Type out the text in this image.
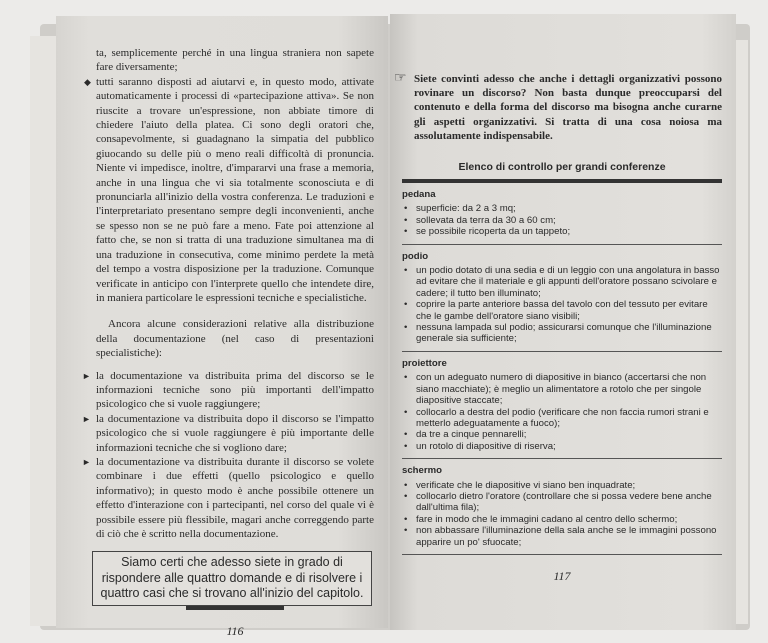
ta, semplicemente perché in una lingua straniera non sapete fare diversamente;

◆ tutti saranno disposti ad aiutarvi e, in questo modo, attivate automaticamente i processi di «partecipazione attiva». Se non riuscite a trovare un'espressione, non abbiate timore di chiedere l'aiuto della platea. Ci sono degli oratori che, consapevolmente, si guadagnano la simpatia del pubblico giuocando su delle più o meno reali difficoltà di pronuncia. Niente vi impedisce, inoltre, d'impararvi una frase a memoria, anche in una lingua che vi sia totalmente sconosciuta e di pronunciarla all'inizio della vostra conferenza. Le traduzioni e l'interpretariato presentano sempre degli inconvenienti, anche se spesso non se ne può fare a meno. Fate poi attenzione al fatto che, se non si tratta di una traduzione simultanea ma di una traduzione in consecutiva, come minimo perdete la metà del tempo a vostra disposizione per la traduzione. Comunque verificate in anticipo con l'interprete quello che intendete dire, in maniera particolare le espressioni tecniche e specialistiche.

Ancora alcune considerazioni relative alla distribuzione della documentazione (nel caso di presentazioni specialistiche):

► la documentazione va distribuita prima del discorso se le informazioni tecniche sono più importanti dell'impatto psicologico che si vuole raggiungere;

► la documentazione va distribuita dopo il discorso se l'impatto psicologico che si vuole raggiungere è più importante delle informazioni tecniche che si vogliono dare;

► la documentazione va distribuita durante il discorso se volete combinare i due effetti (quello psicologico e quello informativo); in questo modo è anche possibile ottenere un effetto d'interazione con i partecipanti, nel corso del quale vi è possibile essere più flessibile, magari anche correggendo parte di ciò che è scritto nella documentazione.

Siamo certi che adesso siete in grado di rispondere alle quattro domande e di risolvere i quattro casi che si trovano all'inizio del capitolo.
116
☞ Siete convinti adesso che anche i dettagli organizzativi possono rovinare un discorso? Non basta dunque preoccuparsi del contenuto e della forma del discorso ma bisogna anche curarne gli aspetti organizzativi. Si tratta di una cosa noiosa ma assolutamente indispensabile.
Elenco di controllo per grandi conferenze
pedana
• superficie: da 2 a 3 mq;
• sollevata da terra da 30 a 60 cm;
• se possibile ricoperta da un tappeto;
podio
• un podio dotato di una sedia e di un leggio con una angolatura in basso ad evitare che il materiale e gli appunti dell'oratore possano scivolare e cadere; il tutto ben illuminato;
• coprire la parte anteriore bassa del tavolo con del tessuto per evitare che le gambe dell'oratore siano visibili;
• nessuna lampada sul podio; assicurarsi comunque che l'illuminazione generale sia sufficiente;
proiettore
• con un adeguato numero di diapositive in bianco (accertarsi che non siano macchiate); è meglio un alimentatore a rotolo che per singole diapositive staccate;
• collocarlo a destra del podio (verificare che non faccia rumori strani e metterlo adeguatamente a fuoco);
• da tre a cinque pennarelli;
• un rotolo di diapositive di riserva;
schermo
• verificate che le diapositive vi siano ben inquadrate;
• collocarlo dietro l'oratore (controllare che si possa vedere bene anche dall'ultima fila);
• fare in modo che le immagini cadano al centro dello schermo;
• non abbassare l'illuminazione della sala anche se le immagini possono apparire un po' sfuocate;
117
